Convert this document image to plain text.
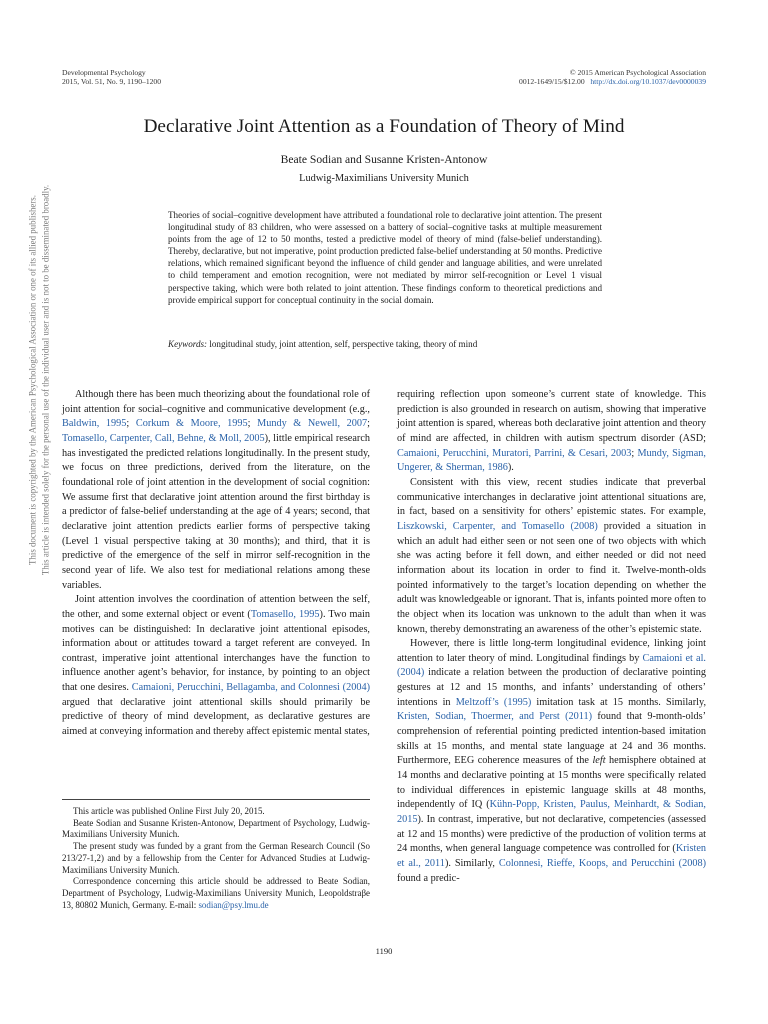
Developmental Psychology
2015, Vol. 51, No. 9, 1190–1200
© 2015 American Psychological Association
0012-1649/15/$12.00 http://dx.doi.org/10.1037/dev0000039
Declarative Joint Attention as a Foundation of Theory of Mind
Beate Sodian and Susanne Kristen-Antonow
Ludwig-Maximilians University Munich
Theories of social–cognitive development have attributed a foundational role to declarative joint attention. The present longitudinal study of 83 children, who were assessed on a battery of social–cognitive tasks at multiple measurement points from the age of 12 to 50 months, tested a predictive model of theory of mind (false-belief understanding). Thereby, declarative, but not imperative, point production predicted false-belief understanding at 50 months. Predictive relations, which remained significant beyond the influence of child gender and language abilities, and were unrelated to child temperament and emotion recognition, were not mediated by mirror self-recognition or Level 1 visual perspective taking, which were both related to joint attention. These findings conform to theoretical predictions and provide empirical support for conceptual continuity in the social domain.
Keywords: longitudinal study, joint attention, self, perspective taking, theory of mind
This document is copyrighted by the American Psychological Association or one of its allied publishers. This article is intended solely for the personal use of the individual user and is not to be disseminated broadly.	Although there has been much theorizing about the foundational role of joint attention for social–cognitive and communicative development (e.g., Baldwin, 1995; Corkum & Moore, 1995; Mundy & Newell, 2007; Tomasello, Carpenter, Call, Behne, & Moll, 2005), little empirical research has investigated the predicted relations longitudinally. In the present study, we focus on three predictions, derived from the literature, on the foundational role of joint attention in the development of social cognition: We assume first that declarative joint attention around the first birthday is a predictor of false-belief understanding at the age of 4 years; second, that declarative joint attention predicts earlier forms of perspective taking (Level 1 visual perspective taking at 30 months); and third, that it is predictive of the emergence of the self in mirror self-recognition in the second year of life. We also test for mediational relations among these variables.

Joint attention involves the coordination of attention between the self, the other, and some external object or event (Tomasello, 1995). Two main motives can be distinguished: In declarative joint attentional episodes, information about or attitudes toward a target referent are conveyed. In contrast, imperative joint attentional interchanges have the function to influence another agent’s behavior, for instance, by pointing to an object that one desires. Camaioni, Perucchini, Bellagamba, and Colonnesi (2004) argued that declarative joint attentional skills should primarily be predictive of theory of mind development, as declarative gestures are aimed at conveying information and thereby affect epistemic mental states,

This article was published Online First July 20, 2015.

Beate Sodian and Susanne Kristen-Antonow, Department of Psychology, Ludwig-Maximilians University Munich.

The present study was funded by a grant from the German Research Council (So 213/27-1,2) and by a fellowship from the Center for Advanced Studies at Ludwig-Maximilians University Munich.

Correspondence concerning this article should be addressed to Beate Sodian, Department of Psychology, Ludwig-Maximilians University Munich, Leopoldstraβe 13, 80802 Munich, Germany. E-mail: sodian@psy.lmu.de

requiring reflection upon someone’s current state of knowledge. This prediction is also grounded in research on autism, showing that imperative joint attention is spared, whereas both declarative joint attention and theory of mind are affected, in children with autism spectrum disorder (ASD; Camaioni, Perucchini, Muratori, Parrini, & Cesari, 2003; Mundy, Sigman, Ungerer, & Sherman, 1986).

Consistent with this view, recent studies indicate that preverbal communicative interchanges in declarative joint attentional situations are, in fact, based on a sensitivity for others’ epistemic states. For example, Liszkowski, Carpenter, and Tomasello (2008) provided a situation in which an adult had either seen or not seen one of two objects with which she was acting before it fell down, and either needed or did not need information about its location in order to find it. Twelve-month-olds pointed informatively to the target’s location depending on whether the adult was knowledgeable or ignorant. That is, infants pointed more often to the object when its location was unknown to the adult than when it was known, thereby demonstrating an awareness of the other’s epistemic state.

However, there is little long-term longitudinal evidence, linking joint attention to later theory of mind. Longitudinal findings by Camaioni et al. (2004) indicate a relation between the production of declarative pointing gestures at 12 and 15 months, and infants’ understanding of others’ intentions in Meltzoff’s (1995) imitation task at 15 months. Similarly, Kristen, Sodian, Thoermer, and Perst (2011) found that 9-month-olds’ comprehension of referential pointing predicted intention-based imitation skills at 15 months, and mental state language at 24 and 36 months. Furthermore, EEG coherence measures of the left hemisphere obtained at 14 months and declarative pointing at 15 months were specifically related to individual differences in epistemic language skills at 48 months, independently of IQ (Kühn-Popp, Kristen, Paulus, Meinhardt, & Sodian, 2015). In contrast, imperative, but not declarative, competencies (assessed at 12 and 15 months) were predictive of the production of volition terms at 24 months, when general language competence was controlled for (Kristen et al., 2011). Similarly, Colonnesi, Rieffe, Koops, and Perucchini (2008) found a predic-

1190
